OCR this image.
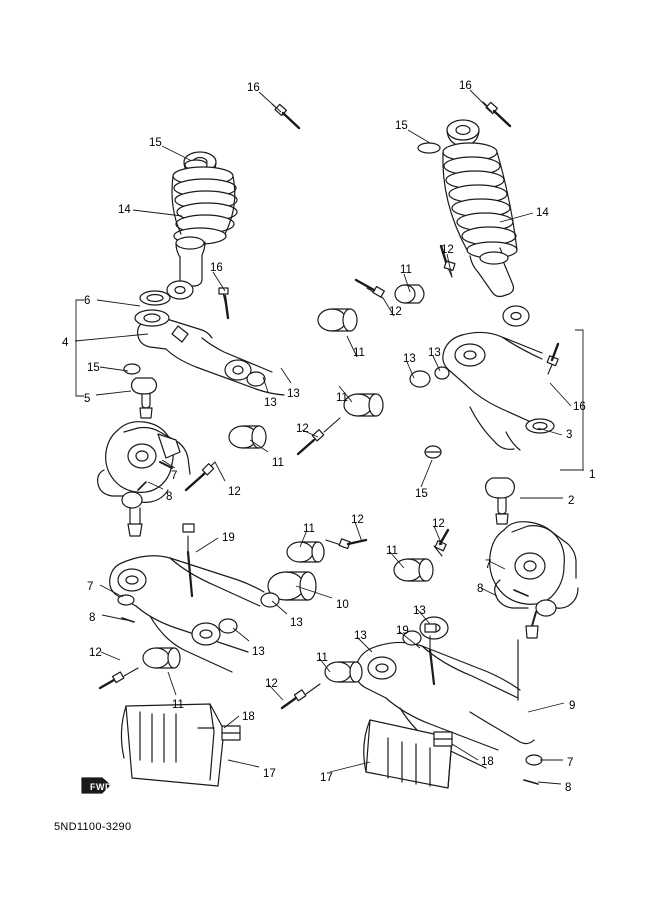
16	16
15
15
14	14
16	11
12
6
12
4
11	13 13
15
13
16
5	13	11
12	3
11
1
7
15
12
8	2
19
11
12	12
11
7
10
8
7
13
13
8
13
19
13
12	11
11
12
9
18
18	7
17	17
8
FWD
5ND1100-3290
